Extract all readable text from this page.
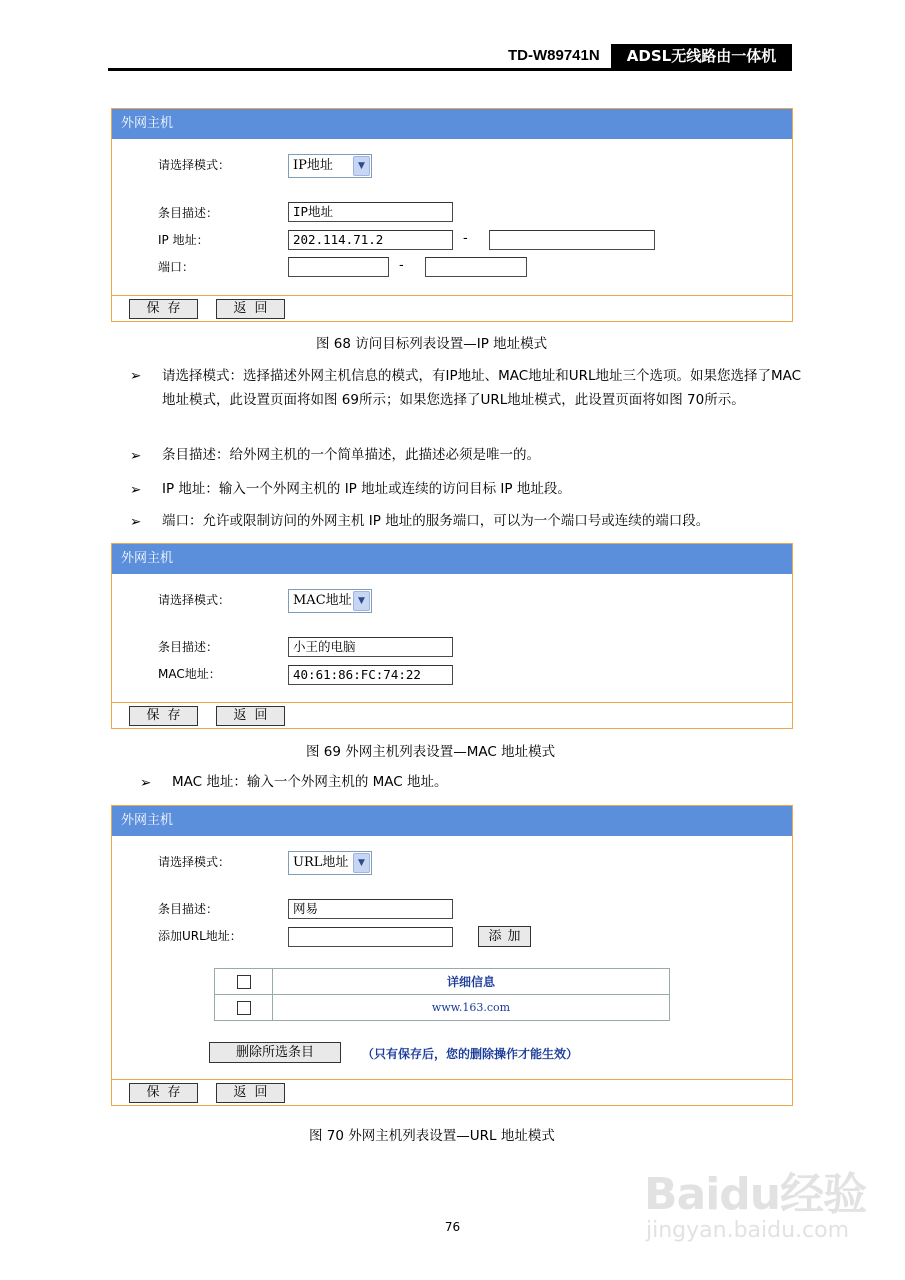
TD-W89741N	ADSL无线路由一体机
外网主机
请选择模式：	IP地址	▼
条目描述：	IP地址
IP 地址：	202.114.71.2	-
端口：	-
保存	返回
图 68 访问目标列表设置—IP 地址模式
➢ 请选择模式：选择描述外网主机信息的模式，有IP地址、MAC地址和URL地址三个选项。如果您选择了MAC地址模式，此设置页面将如图 69所示；如果您选择了URL地址模式，此设置页面将如图 70所示。
➢ 条目描述：给外网主机的一个简单描述，此描述必须是唯一的。
➢ IP 地址：输入一个外网主机的 IP 地址或连续的访问目标 IP 地址段。
➢ 端口：允许或限制访问的外网主机 IP 地址的服务端口，可以为一个端口号或连续的端口段。
外网主机
请选择模式：	MAC地址 ▼
条目描述：	小王的电脑
MAC地址：	40:61:86:FC:74:22
保存	返回
图 69 外网主机列表设置—MAC 地址模式
➢ MAC 地址：输入一个外网主机的 MAC 地址。
外网主机
请选择模式：	URL地址	▼
条目描述：	网易
添加URL地址：	添加
	详细信息
	www.163.com
删除所选条目	（只有保存后，您的删除操作才能生效）
保存	返回
图 70 外网主机列表设置—URL 地址模式
Baidu经验
jingyan.baidu.com
76
